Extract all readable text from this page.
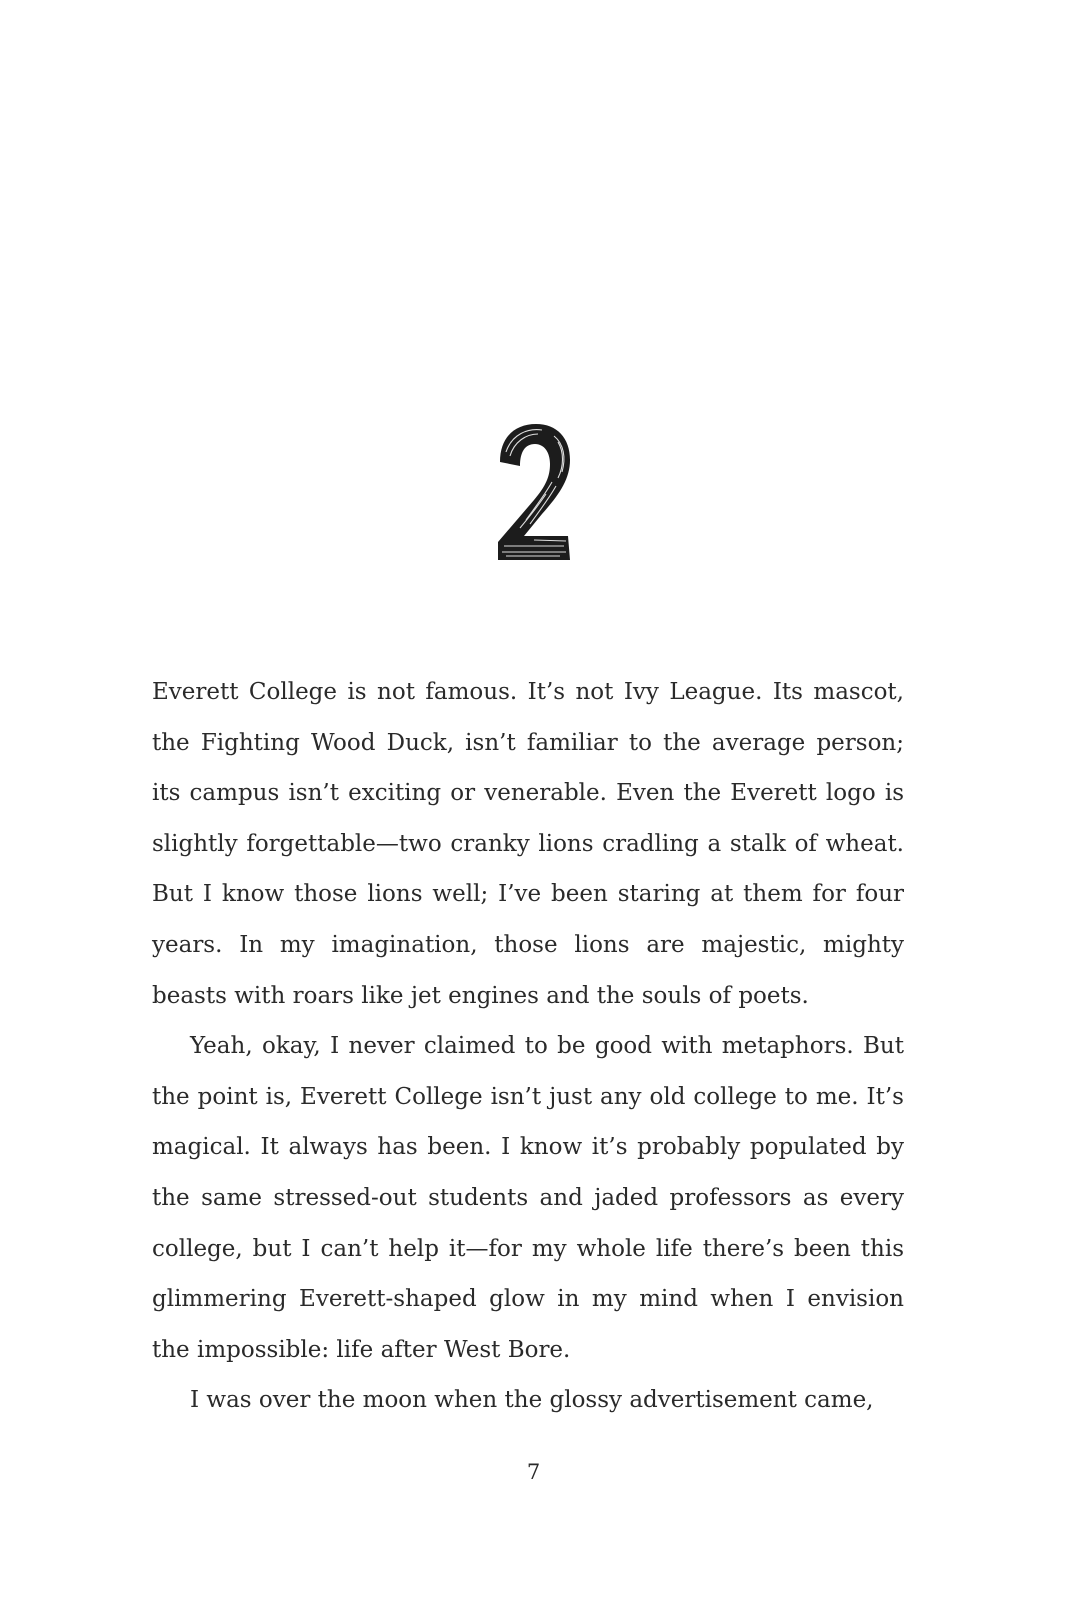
Everett College is not famous. It’s not Ivy League. Its mascot, the Fighting Wood Duck, isn’t familiar to the average person; its campus isn’t exciting or venerable. Even the Everett logo is slightly forgettable—two cranky lions cradling a stalk of wheat. But I know those lions well; I’ve been staring at them for four years. In my imagination, those lions are majestic, mighty beasts with roars like jet engines and the souls of poets.

Yeah, okay, I never claimed to be good with metaphors. But the point is, Everett College isn’t just any old college to me. It’s magical. It always has been. I know it’s probably populated by the same stressed-out students and jaded professors as every college, but I can’t help it—for my whole life there’s been this glimmering Everett-shaped glow in my mind when I envision the impossible: life after West Bore.

I was over the moon when the glossy advertisement came,

7
